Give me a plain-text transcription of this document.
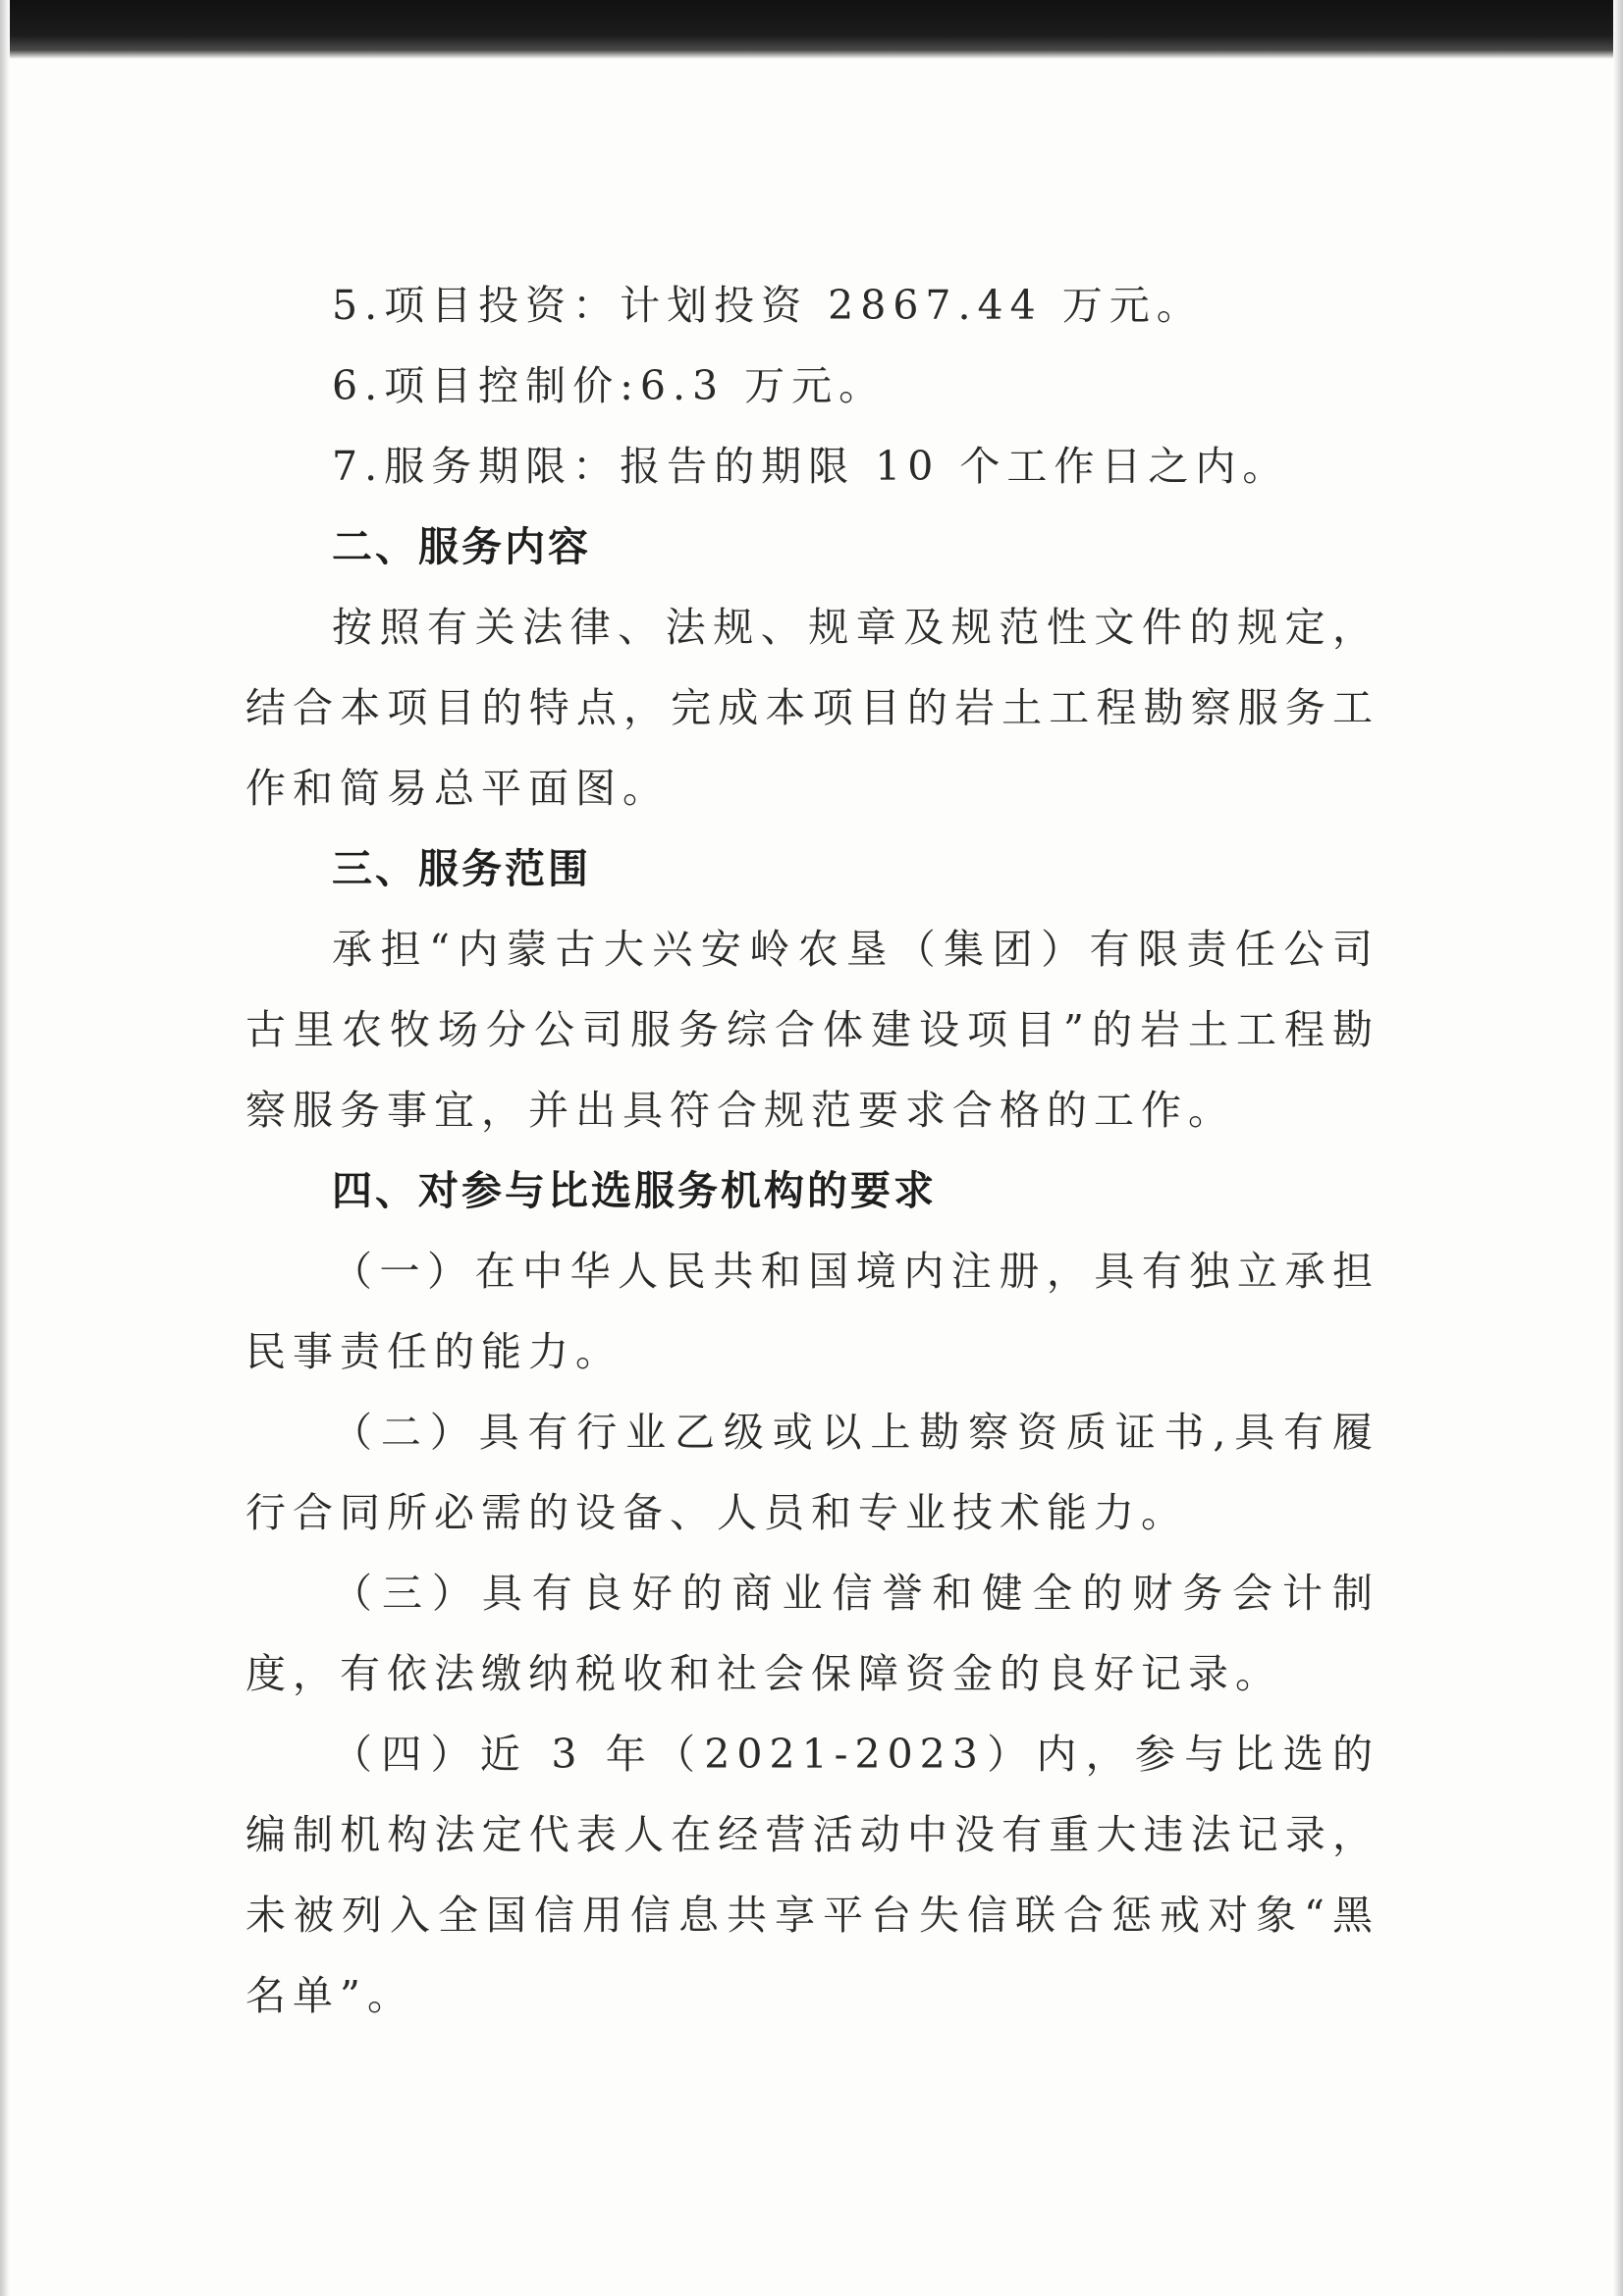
5.项目投资：计划投资 2867.44 万元。

6.项目控制价:6.3 万元。

7.服务期限：报告的期限 10 个工作日之内。

二、服务内容

按照有关法律、法规、规章及规范性文件的规定，结合本项目的特点，完成本项目的岩土工程勘察服务工作和简易总平面图。

三、服务范围

承担“内蒙古大兴安岭农垦（集团）有限责任公司古里农牧场分公司服务综合体建设项目”的岩土工程勘察服务事宜，并出具符合规范要求合格的工作。

四、对参与比选服务机构的要求

（一）在中华人民共和国境内注册，具有独立承担民事责任的能力。

（二）具有行业乙级或以上勘察资质证书,具有履行合同所必需的设备、人员和专业技术能力。

（三）具有良好的商业信誉和健全的财务会计制度，有依法缴纳税收和社会保障资金的良好记录。

（四）近 3 年（2021-2023）内，参与比选的编制机构法定代表人在经营活动中没有重大违法记录，未被列入全国信用信息共享平台失信联合惩戒对象“黑名单”。
